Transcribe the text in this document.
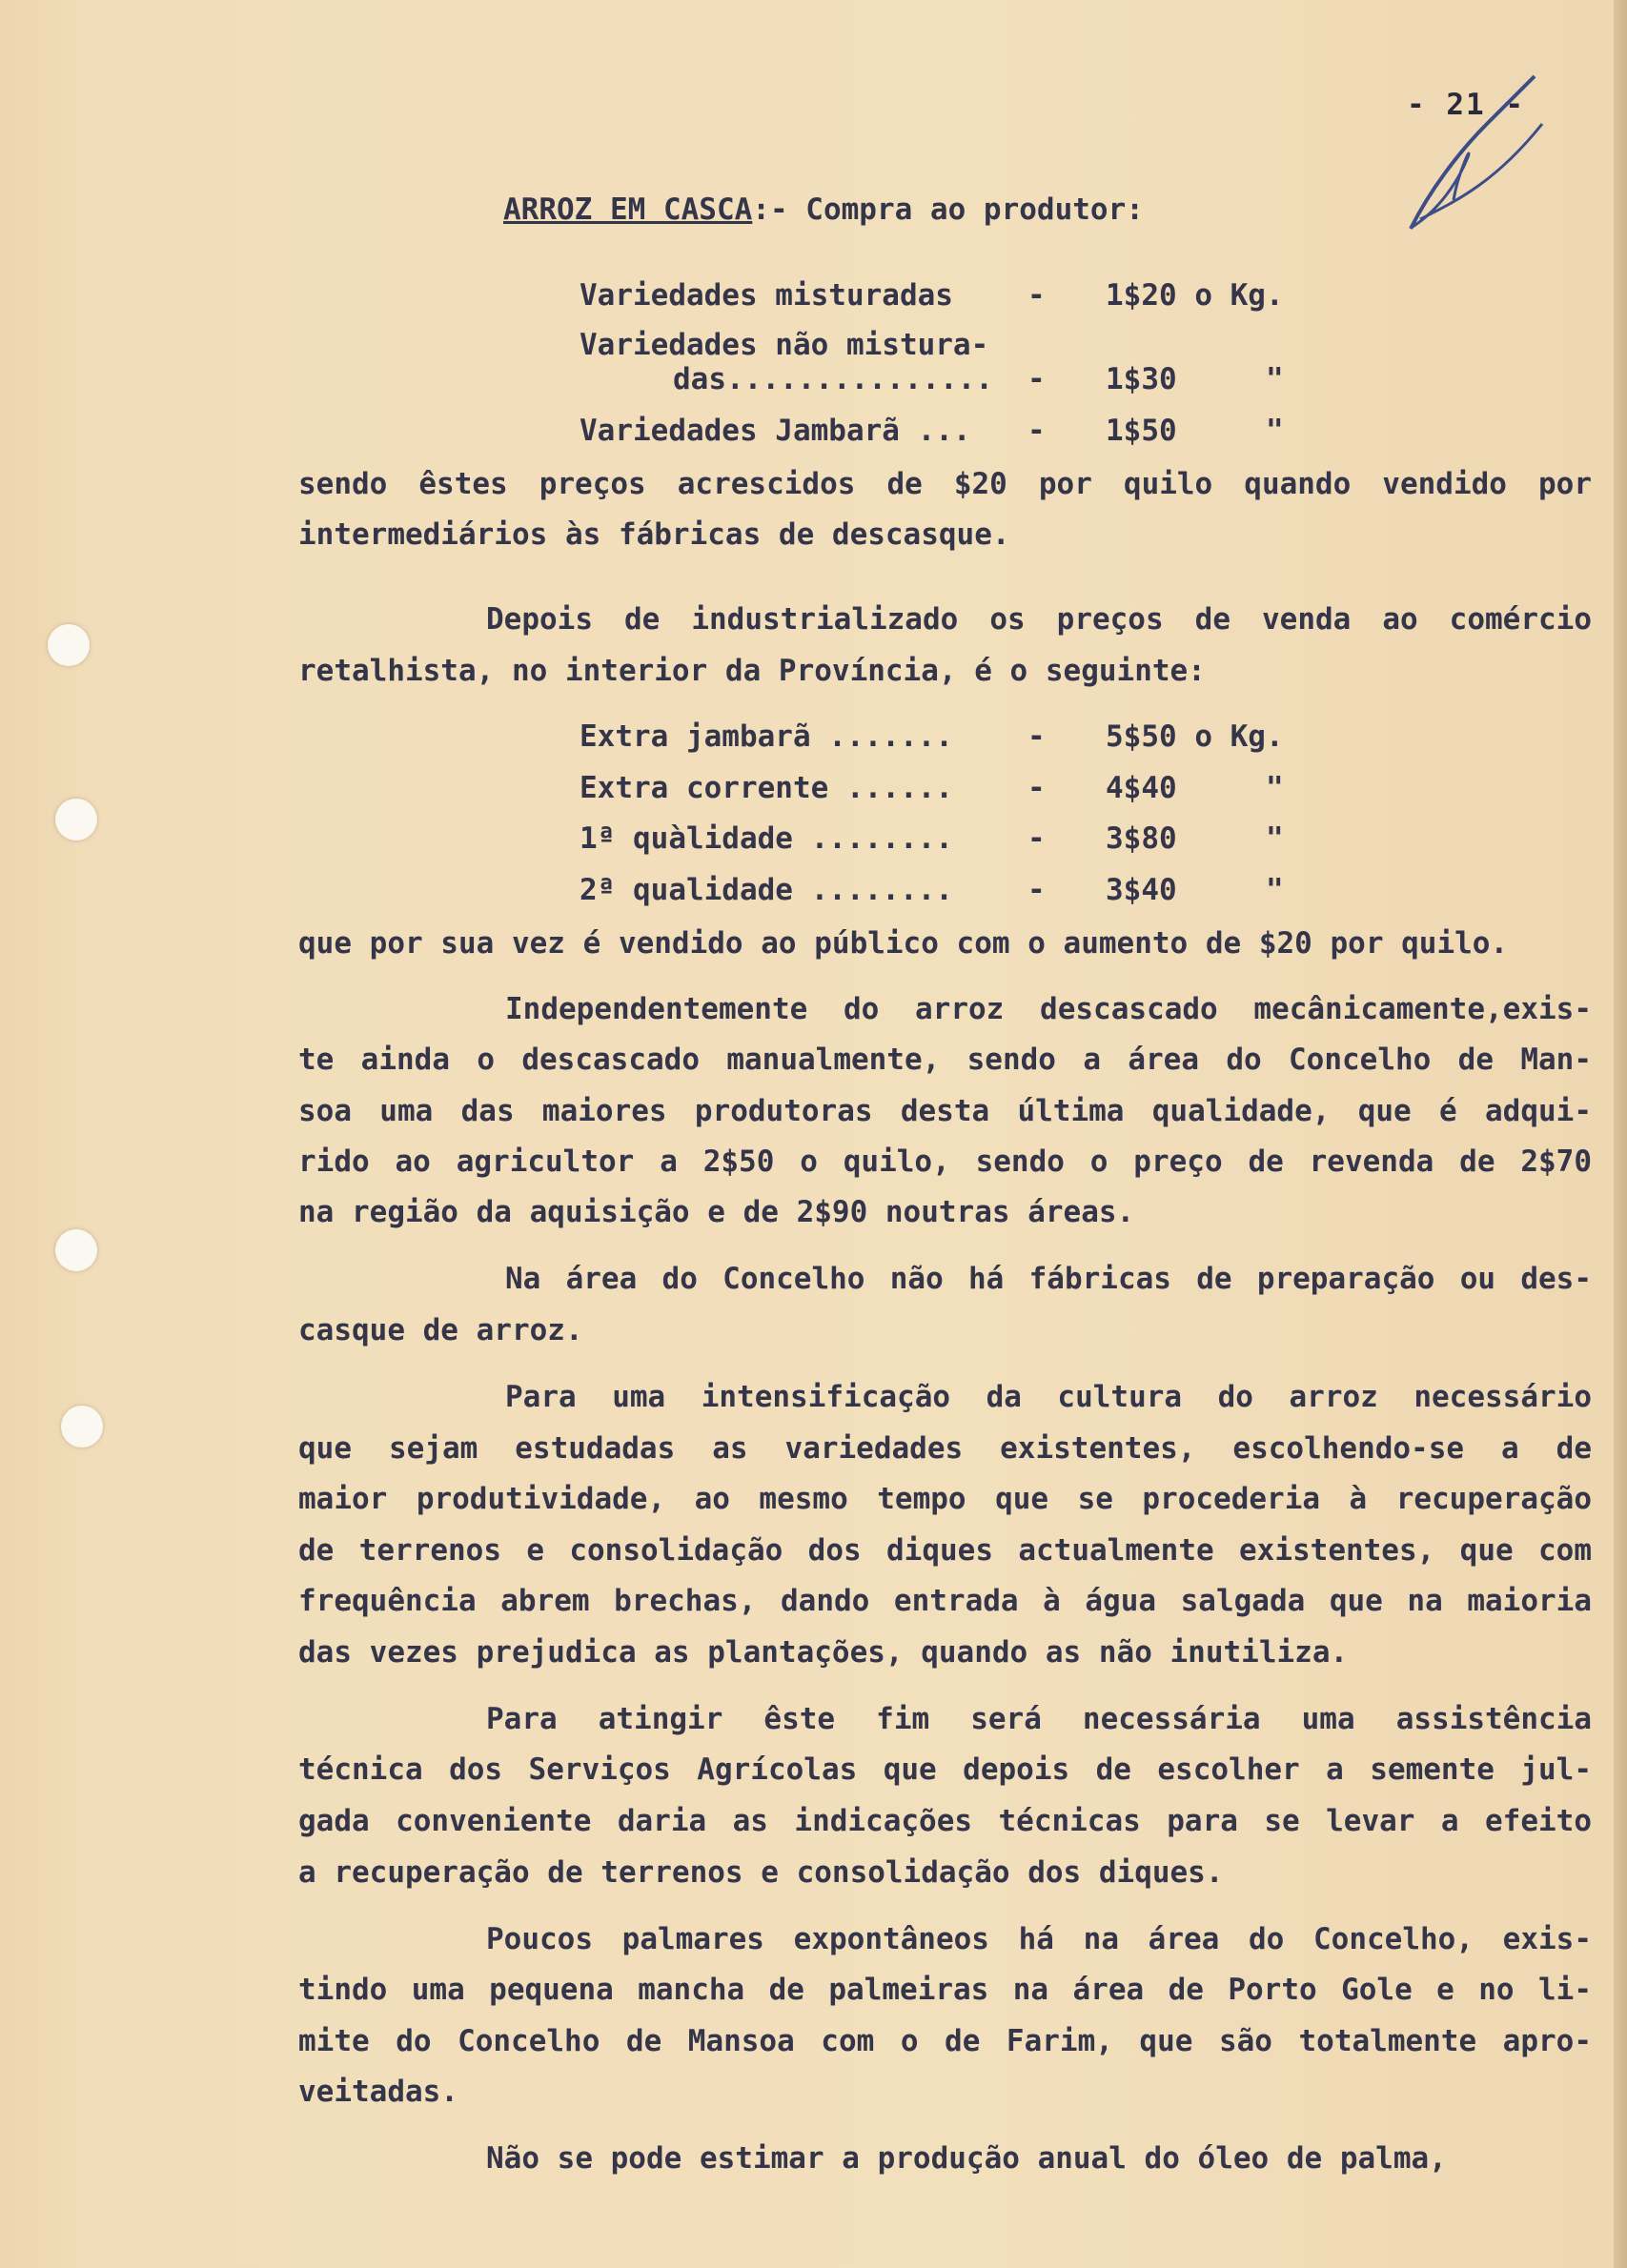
- 21 -
ARROZ EM CASCA:- Compra ao produtor:
Variedades misturadas	- 1$20 o Kg.
Variedades não mistura-
das............... - 1$30     "
Variedades Jambarã ... - 1$50     "
sendo êstes preços acrescidos de $20 por quilo quando vendido por
intermediários às fábricas de descasque.
Depois de industrializado os preços de venda ao comércio
retalhista, no interior da Província, é o seguinte:
Extra jambarã .......	- 5$50 o Kg.
Extra corrente ......	- 4$40     "
1ª quàlidade ........	- 3$80     "
2ª qualidade ........	- 3$40     "
que por sua vez é vendido ao público com o aumento de $20 por quilo.
Independentemente do arroz descascado mecânicamente,exis-
te ainda o descascado manualmente, sendo a área do Concelho de Man-
soa uma das maiores produtoras desta última qualidade, que é adqui-
rido ao agricultor a 2$50 o quilo, sendo o preço de revenda de 2$70
na região da aquisição e de 2$90 noutras áreas.
Na área do Concelho não há fábricas de preparação ou des-
casque de arroz.
Para uma intensificação da cultura do arroz necessário
que sejam estudadas as variedades existentes, escolhendo-se a de
maior produtividade, ao mesmo tempo que se procederia à recuperação
de terrenos e consolidação dos diques actualmente existentes, que com
frequência abrem brechas, dando entrada à água salgada que na maioria
das vezes prejudica as plantações, quando as não inutiliza.
Para atingir êste fim será necessária uma assistência
técnica dos Serviços Agrícolas que depois de escolher a semente jul-
gada conveniente daria as indicações técnicas para se levar a efeito
a recuperação de terrenos e consolidação dos diques.
Poucos palmares expontâneos há na área do Concelho, exis-
tindo uma pequena mancha de palmeiras na área de Porto Gole e no li-
mite do Concelho de Mansoa com o de Farim, que são totalmente apro-
veitadas.
Não se pode estimar a produção anual do óleo de palma,
